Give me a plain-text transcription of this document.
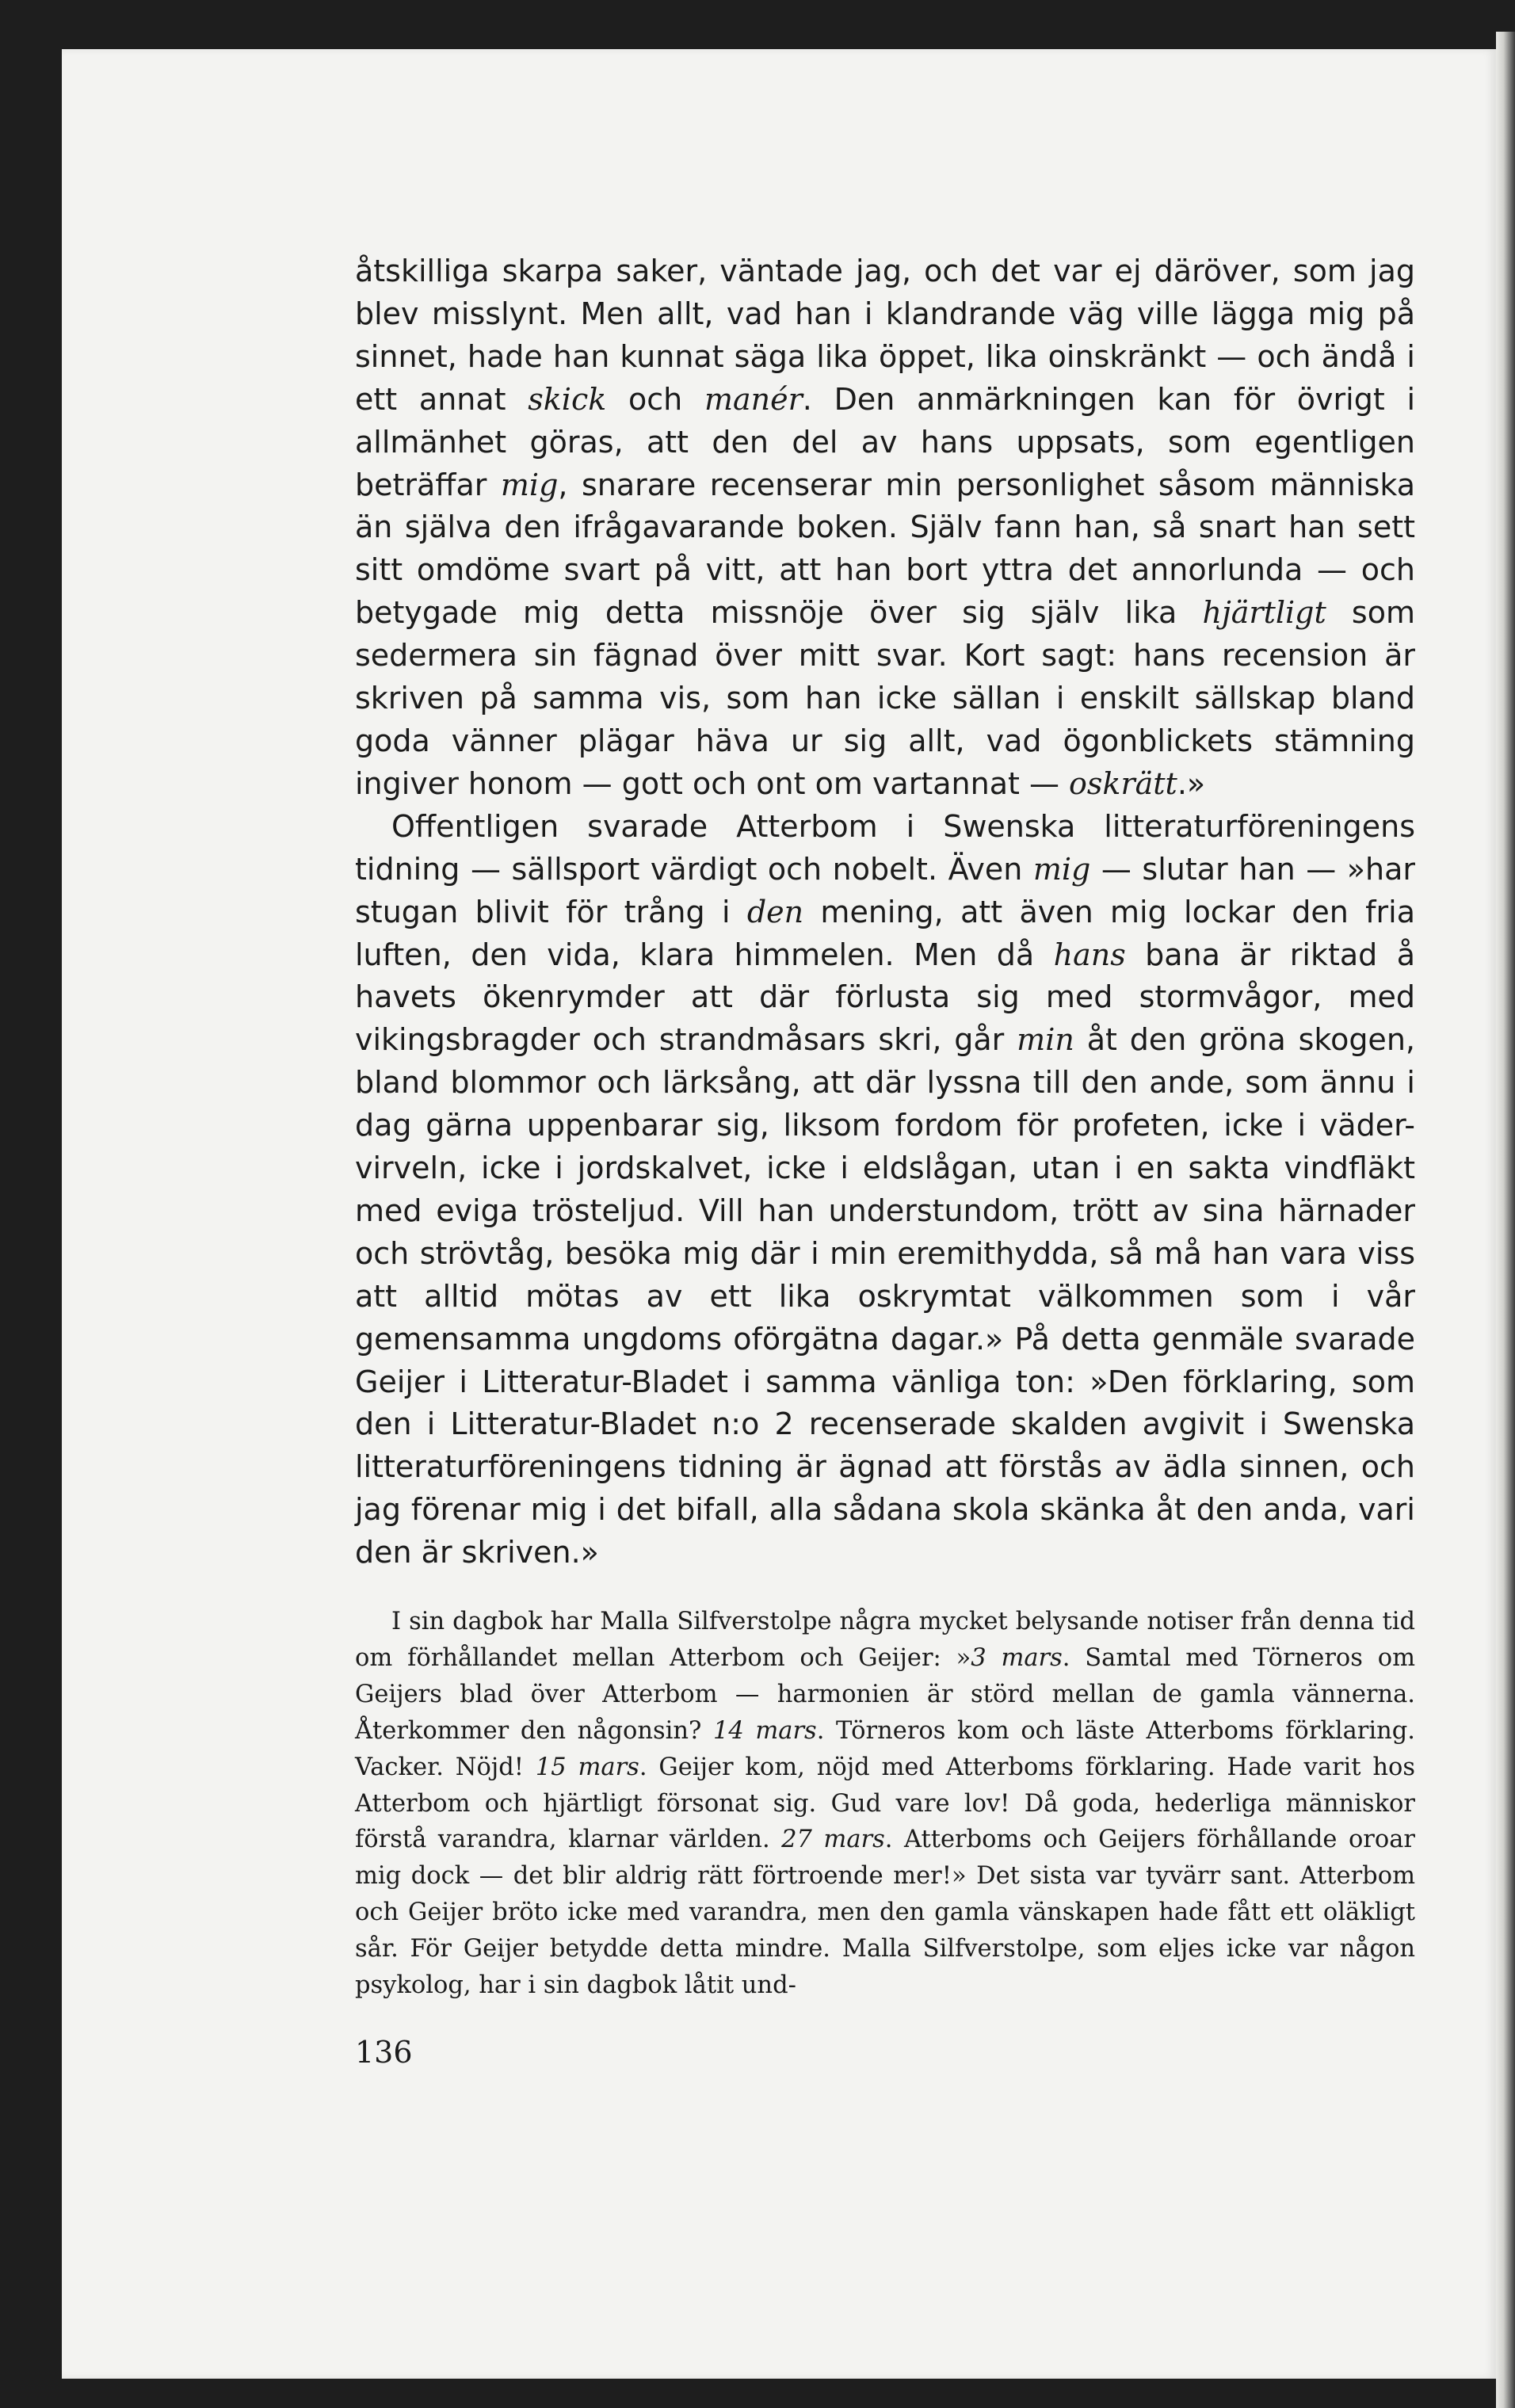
åtskilliga skarpa saker, väntade jag, och det var ej däröver, som jag blev misslynt. Men allt, vad han i klandrande väg ville lägga mig på sinnet, hade han kunnat säga lika öppet, lika oinskränkt — och ändå i ett annat skick och manér. Den anmärkningen kan för övrigt i allmänhet göras, att den del av hans uppsats, som egentligen beträffar mig, snarare recenserar min personlighet såsom människa än själva den ifrågavarande boken. Själv fann han, så snart han sett sitt omdöme svart på vitt, att han bort yttra det annorlunda — och betygade mig detta missnöje över sig själv lika hjärtligt som sedermera sin fägnad över mitt svar. Kort sagt: hans recension är skriven på samma vis, som han icke sällan i enskilt sällskap bland goda vänner plägar häva ur sig allt, vad ögonblickets stämning ingiver honom — gott och ont om vartannat — oskrätt.»

Offentligen svarade Atterbom i Swenska litteraturföreningens tidning — sällsport värdigt och nobelt. Även mig — slutar han — »har stugan blivit för trång i den mening, att även mig lockar den fria luften, den vida, klara himmelen. Men då hans bana är riktad å havets ökenrymder att där förlusta sig med stormvågor, med vikingsbragder och strandmåsars skri, går min åt den gröna skogen, bland blommor och lärksång, att där lyssna till den ande, som ännu i dag gärna uppenbarar sig, liksom fordom för profeten, icke i väder-virveln, icke i jordskalvet, icke i eldslågan, utan i en sakta vindfläkt med eviga trösteljud. Vill han understundom, trött av sina härnader och strövtåg, besöka mig där i min eremithydda, så må han vara viss att alltid mötas av ett lika oskrymtat välkommen som i vår gemensamma ungdoms oförgätna dagar.» På detta genmäle svarade Geijer i Litteratur-Bladet i samma vänliga ton: »Den förklaring, som den i Litteratur-Bladet n:o 2 recenserade skalden avgivit i Swenska litteraturföreningens tidning är ägnad att förstås av ädla sinnen, och jag förenar mig i det bifall, alla sådana skola skänka åt den anda, vari den är skriven.»

I sin dagbok har Malla Silfverstolpe några mycket belysande notiser från denna tid om förhållandet mellan Atterbom och Geijer: »3 mars. Samtal med Törneros om Geijers blad över Atterbom — harmonien är störd mellan de gamla vännerna. Återkommer den någonsin? 14 mars. Törneros kom och läste Atterboms förklaring. Vacker. Nöjd! 15 mars. Geijer kom, nöjd med Atterboms förklaring. Hade varit hos Atterbom och hjärtligt försonat sig. Gud vare lov! Då goda, hederliga människor förstå varandra, klarnar världen. 27 mars. Atterboms och Geijers förhållande oroar mig dock — det blir aldrig rätt förtroende mer!» Det sista var tyvärr sant. Atterbom och Geijer bröto icke med varandra, men den gamla vänskapen hade fått ett oläkligt sår. För Geijer betydde detta mindre. Malla Silfverstolpe, som eljes icke var någon psykolog, har i sin dagbok låtit und-

136
